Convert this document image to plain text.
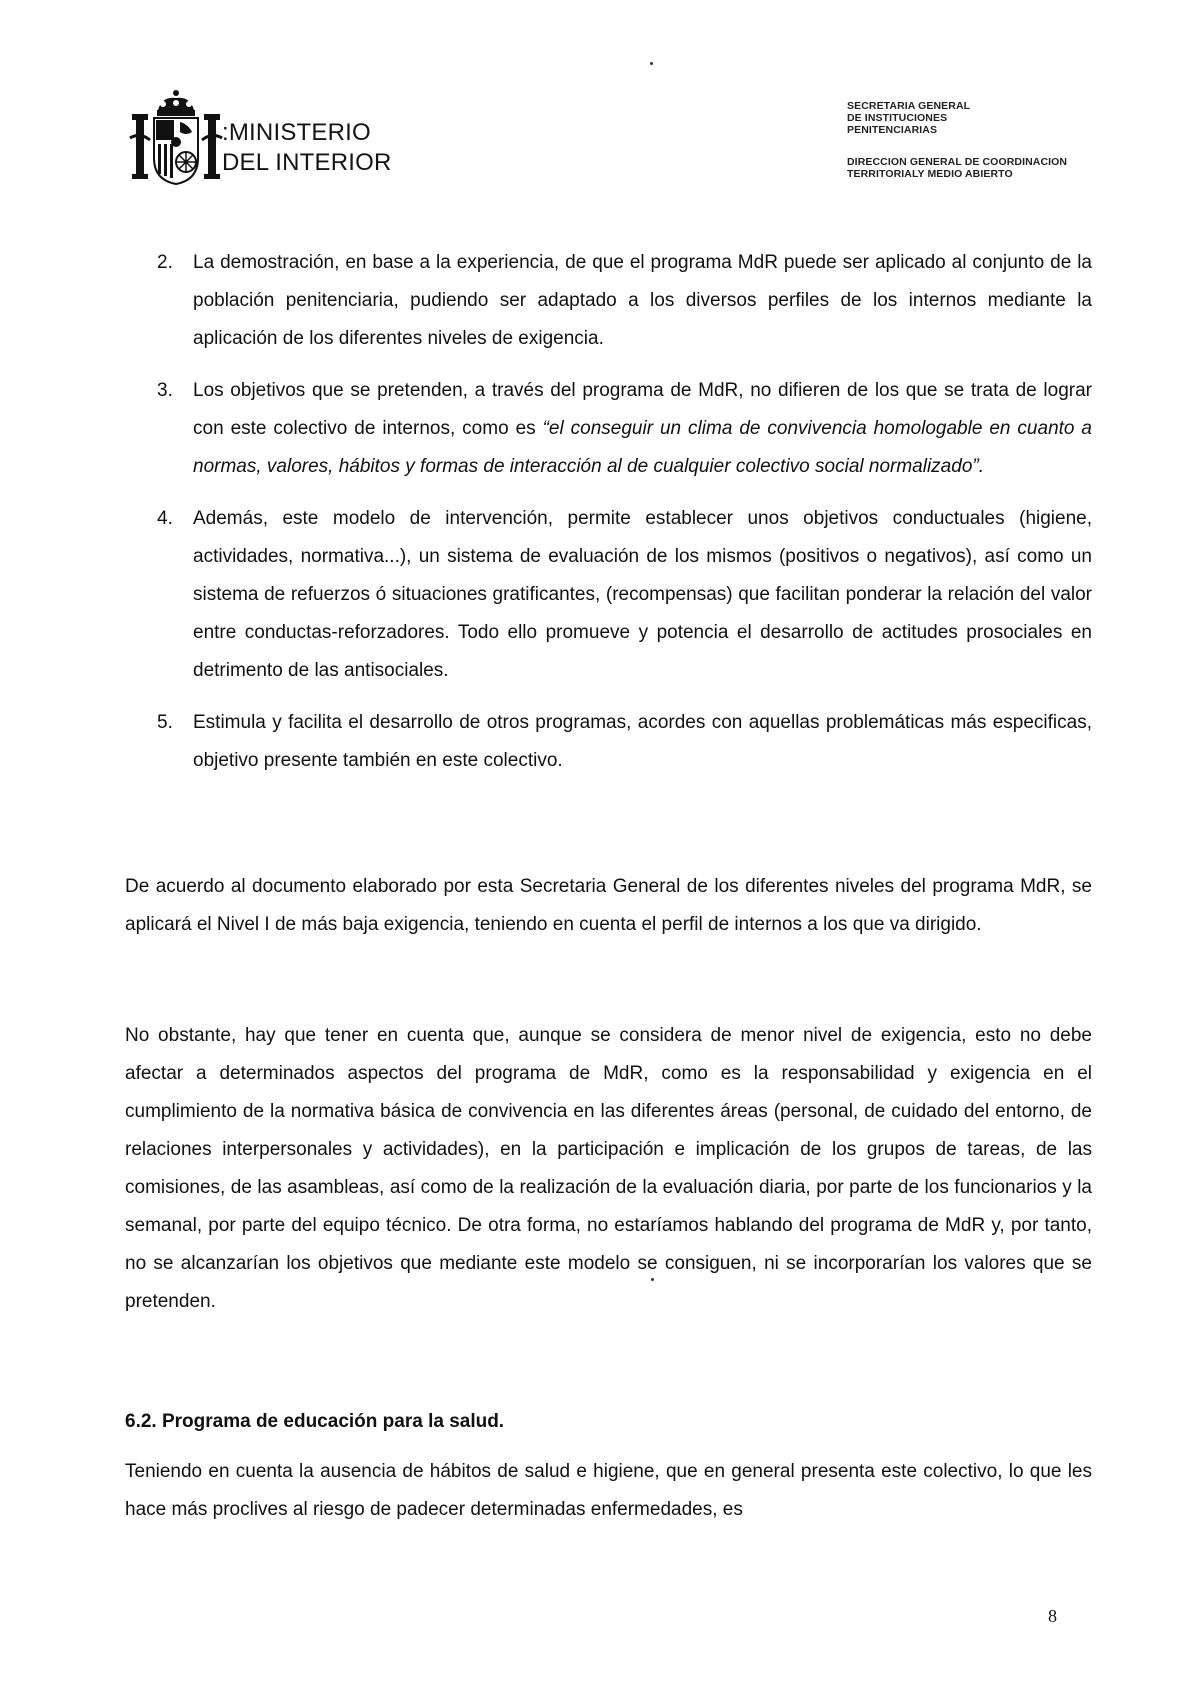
:MINISTERIO
DEL INTERIOR
SECRETARIA GENERAL
DE INSTITUCIONES
PENITENCIARIAS
DIRECCION GENERAL DE COORDINACION
TERRITORIALY MEDIO ABIERTO
2. La demostración, en base a la experiencia, de que el programa MdR puede ser aplicado al conjunto de la población penitenciaria, pudiendo ser adaptado a los diversos perfiles de los internos mediante la aplicación de los diferentes niveles de exigencia.
3. Los objetivos que se pretenden, a través del programa de MdR, no difieren de los que se trata de lograr con este colectivo de internos, como es “el conseguir un clima de convivencia homologable en cuanto a normas, valores, hábitos y formas de interacción al de cualquier colectivo social normalizado”.
4. Además, este modelo de intervención, permite establecer unos objetivos conductuales (higiene, actividades, normativa...), un sistema de evaluación de los mismos (positivos o negativos), así como un sistema de refuerzos ó situaciones gratificantes, (recompensas) que facilitan ponderar la relación del valor entre conductas-reforzadores. Todo ello promueve y potencia el desarrollo de actitudes prosociales en detrimento de las antisociales.
5. Estimula y facilita el desarrollo de otros programas, acordes con aquellas problemáticas más especificas, objetivo presente también en este colectivo.
De acuerdo al documento elaborado por esta Secretaria General de los diferentes niveles del programa MdR, se aplicará el Nivel I de más baja exigencia, teniendo en cuenta el perfil de internos a los que va dirigido.
No obstante, hay que tener en cuenta que, aunque se considera de menor nivel de exigencia, esto no debe afectar a determinados aspectos del programa de MdR, como es la responsabilidad y exigencia en el cumplimiento de la normativa básica de convivencia en las diferentes áreas (personal, de cuidado del entorno, de relaciones interpersonales y actividades), en la participación e implicación de los grupos de tareas, de las comisiones, de las asambleas, así como de la realización de la evaluación diaria, por parte de los funcionarios y la semanal, por parte del equipo técnico. De otra forma, no estaríamos hablando del programa de MdR y, por tanto, no se alcanzarían los objetivos que mediante este modelo se consiguen, ni se incorporarían los valores que se pretenden.
6.2. Programa de educación para la salud.
Teniendo en cuenta la ausencia de hábitos de salud e higiene, que en general presenta este colectivo, lo que les hace más proclives al riesgo de padecer determinadas enfermedades, es
8
